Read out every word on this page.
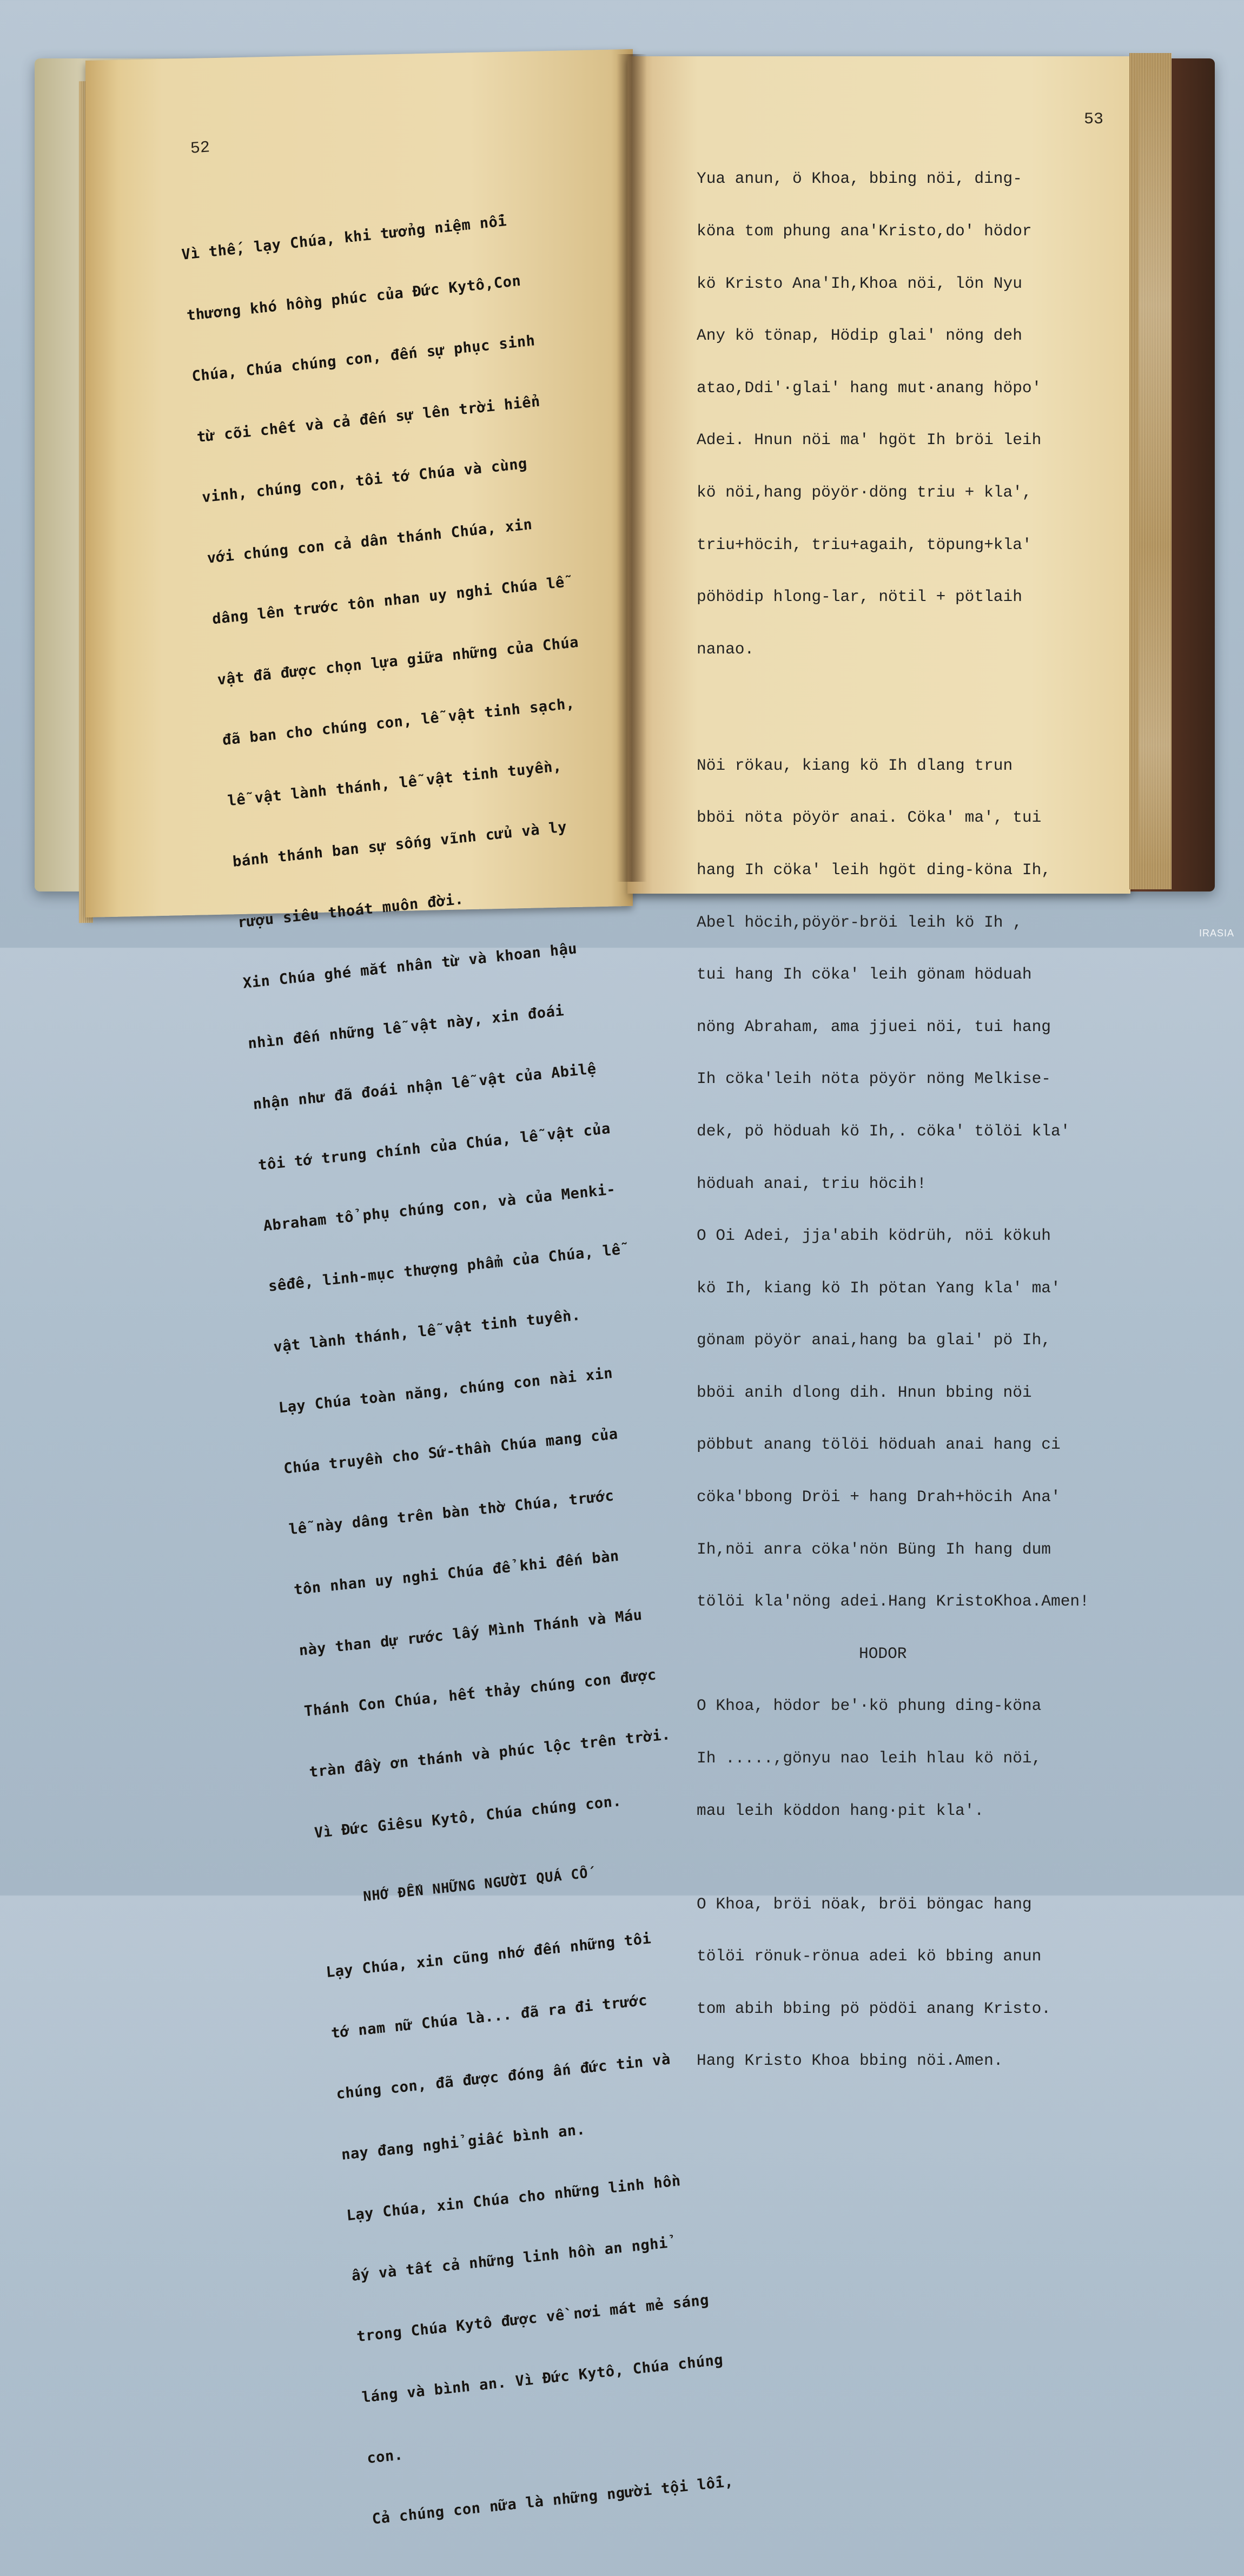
52

Vì thế, lạy Chúa, khi tưởng niệm nỗi

thương khó hồng phúc của Đức Kytô,Con

Chúa, Chúa chúng con, đến sự phục sinh

từ cõi chết và cả đến sự lên trời hiển

vinh, chúng con, tôi tớ Chúa và cùng

với chúng con cả dân thánh Chúa, xin

dâng lên trước tôn nhan uy nghi Chúa lễ

vật đã được chọn lựa giữa những của Chúa

đã ban cho chúng con, lễ vật tinh sạch,

lễ vật lành thánh, lễ vật tinh tuyền,

bánh thánh ban sự sống vĩnh cửu và ly

rượu siêu thoát muôn đời.

Xin Chúa ghé mắt nhân từ và khoan hậu

nhìn đến những lễ vật này, xin đoái

nhận như đã đoái nhận lễ vật của Abilệ

tôi tớ trung chính của Chúa, lễ vật của

Abraham tổ phụ chúng con, và của Menki-

sêđê, linh-mục thượng phẩm của Chúa, lễ

vật lành thánh, lễ vật tinh tuyền.

Lạy Chúa toàn năng, chúng con nài xin

Chúa truyền cho Sứ-thần Chúa mang của

lễ này dâng trên bàn thờ Chúa, trước

tôn nhan uy nghi Chúa để khi đến bàn

này than dự rước lấy Mình Thánh và Máu

Thánh Con Chúa, hết thảy chúng con được

tràn đầy ơn thánh và phúc lộc trên trời.

Vì Đức Giêsu Kytô, Chúa chúng con.

NHỚ ĐẾN NHỮNG NGƯỜI QUÁ CỐ

Lạy Chúa, xin cũng nhớ đến những tôi

tớ nam nữ Chúa là... đã ra đi trước

chúng con, đã được đóng ấn đức tin và

nay đang nghỉ giấc bình an.

Lạy Chúa, xin Chúa cho những linh hồn

ấy và tất cả những linh hồn an nghỉ

trong Chúa Kytô được về nơi mát mẻ sáng

láng và bình an. Vì Đức Kytô, Chúa chúng

con.

Cả chúng con nữa là những người tội lỗi,

53

Yua anun, ö Khoa, bbing nöi, ding-

köna tom phung ana'Kristo,do' hödor

kö Kristo Ana'Ih,Khoa nöi, lön Nyu

Any kö tönap, Hödip glai' nöng deh

atao,Ddi'·glai' hang mut·anang höpo'

Adei. Hnun nöi ma' hgöt Ih bröi leih

kö nöi,hang pöyör·döng triu + kla',

triu+höcih, triu+agaih, töpung+kla'

pöhödip hlong-lar, nötil + pötlaih

nanao.

Nöi rökau, kiang kö Ih dlang trun

bböi nöta pöyör anai. Cöka' ma', tui

hang Ih cöka' leih hgöt ding-köna Ih,

Abel höcih,pöyör-bröi leih kö Ih ,

tui hang Ih cöka' leih gönam höduah

nöng Abraham, ama jjuei nöi, tui hang

Ih cöka'leih nöta pöyör nöng Melkise-

dek, pö höduah kö Ih,. cöka' tölöi kla'

höduah anai, triu höcih!

O Oi Adei, jja'abih ködrüh, nöi kökuh

kö Ih, kiang kö Ih pötan Yang kla' ma'

gönam pöyör anai,hang ba glai' pö Ih,

bböi anih dlong dih. Hnun bbing nöi

pöbbut anang tölöi höduah anai hang ci

cöka'bbong Dröi + hang Drah+höcih Ana'

Ih,nöi anra cöka'nön Büng Ih hang dum

tölöi kla'nöng adei.Hang KristoKhoa.Amen!

HODOR

O Khoa, hödor be'·kö phung ding-köna

Ih .....,gönyu nao leih hlau kö nöi,

mau leih köddon hang·pit kla'.

O Khoa, bröi nöak, bröi böngac hang

tölöi rönuk-rönua adei kö bbing anun

tom abih bbing pö pödöi anang Kristo.

Hang Kristo Khoa bbing nöi.Amen.

IRASIA
